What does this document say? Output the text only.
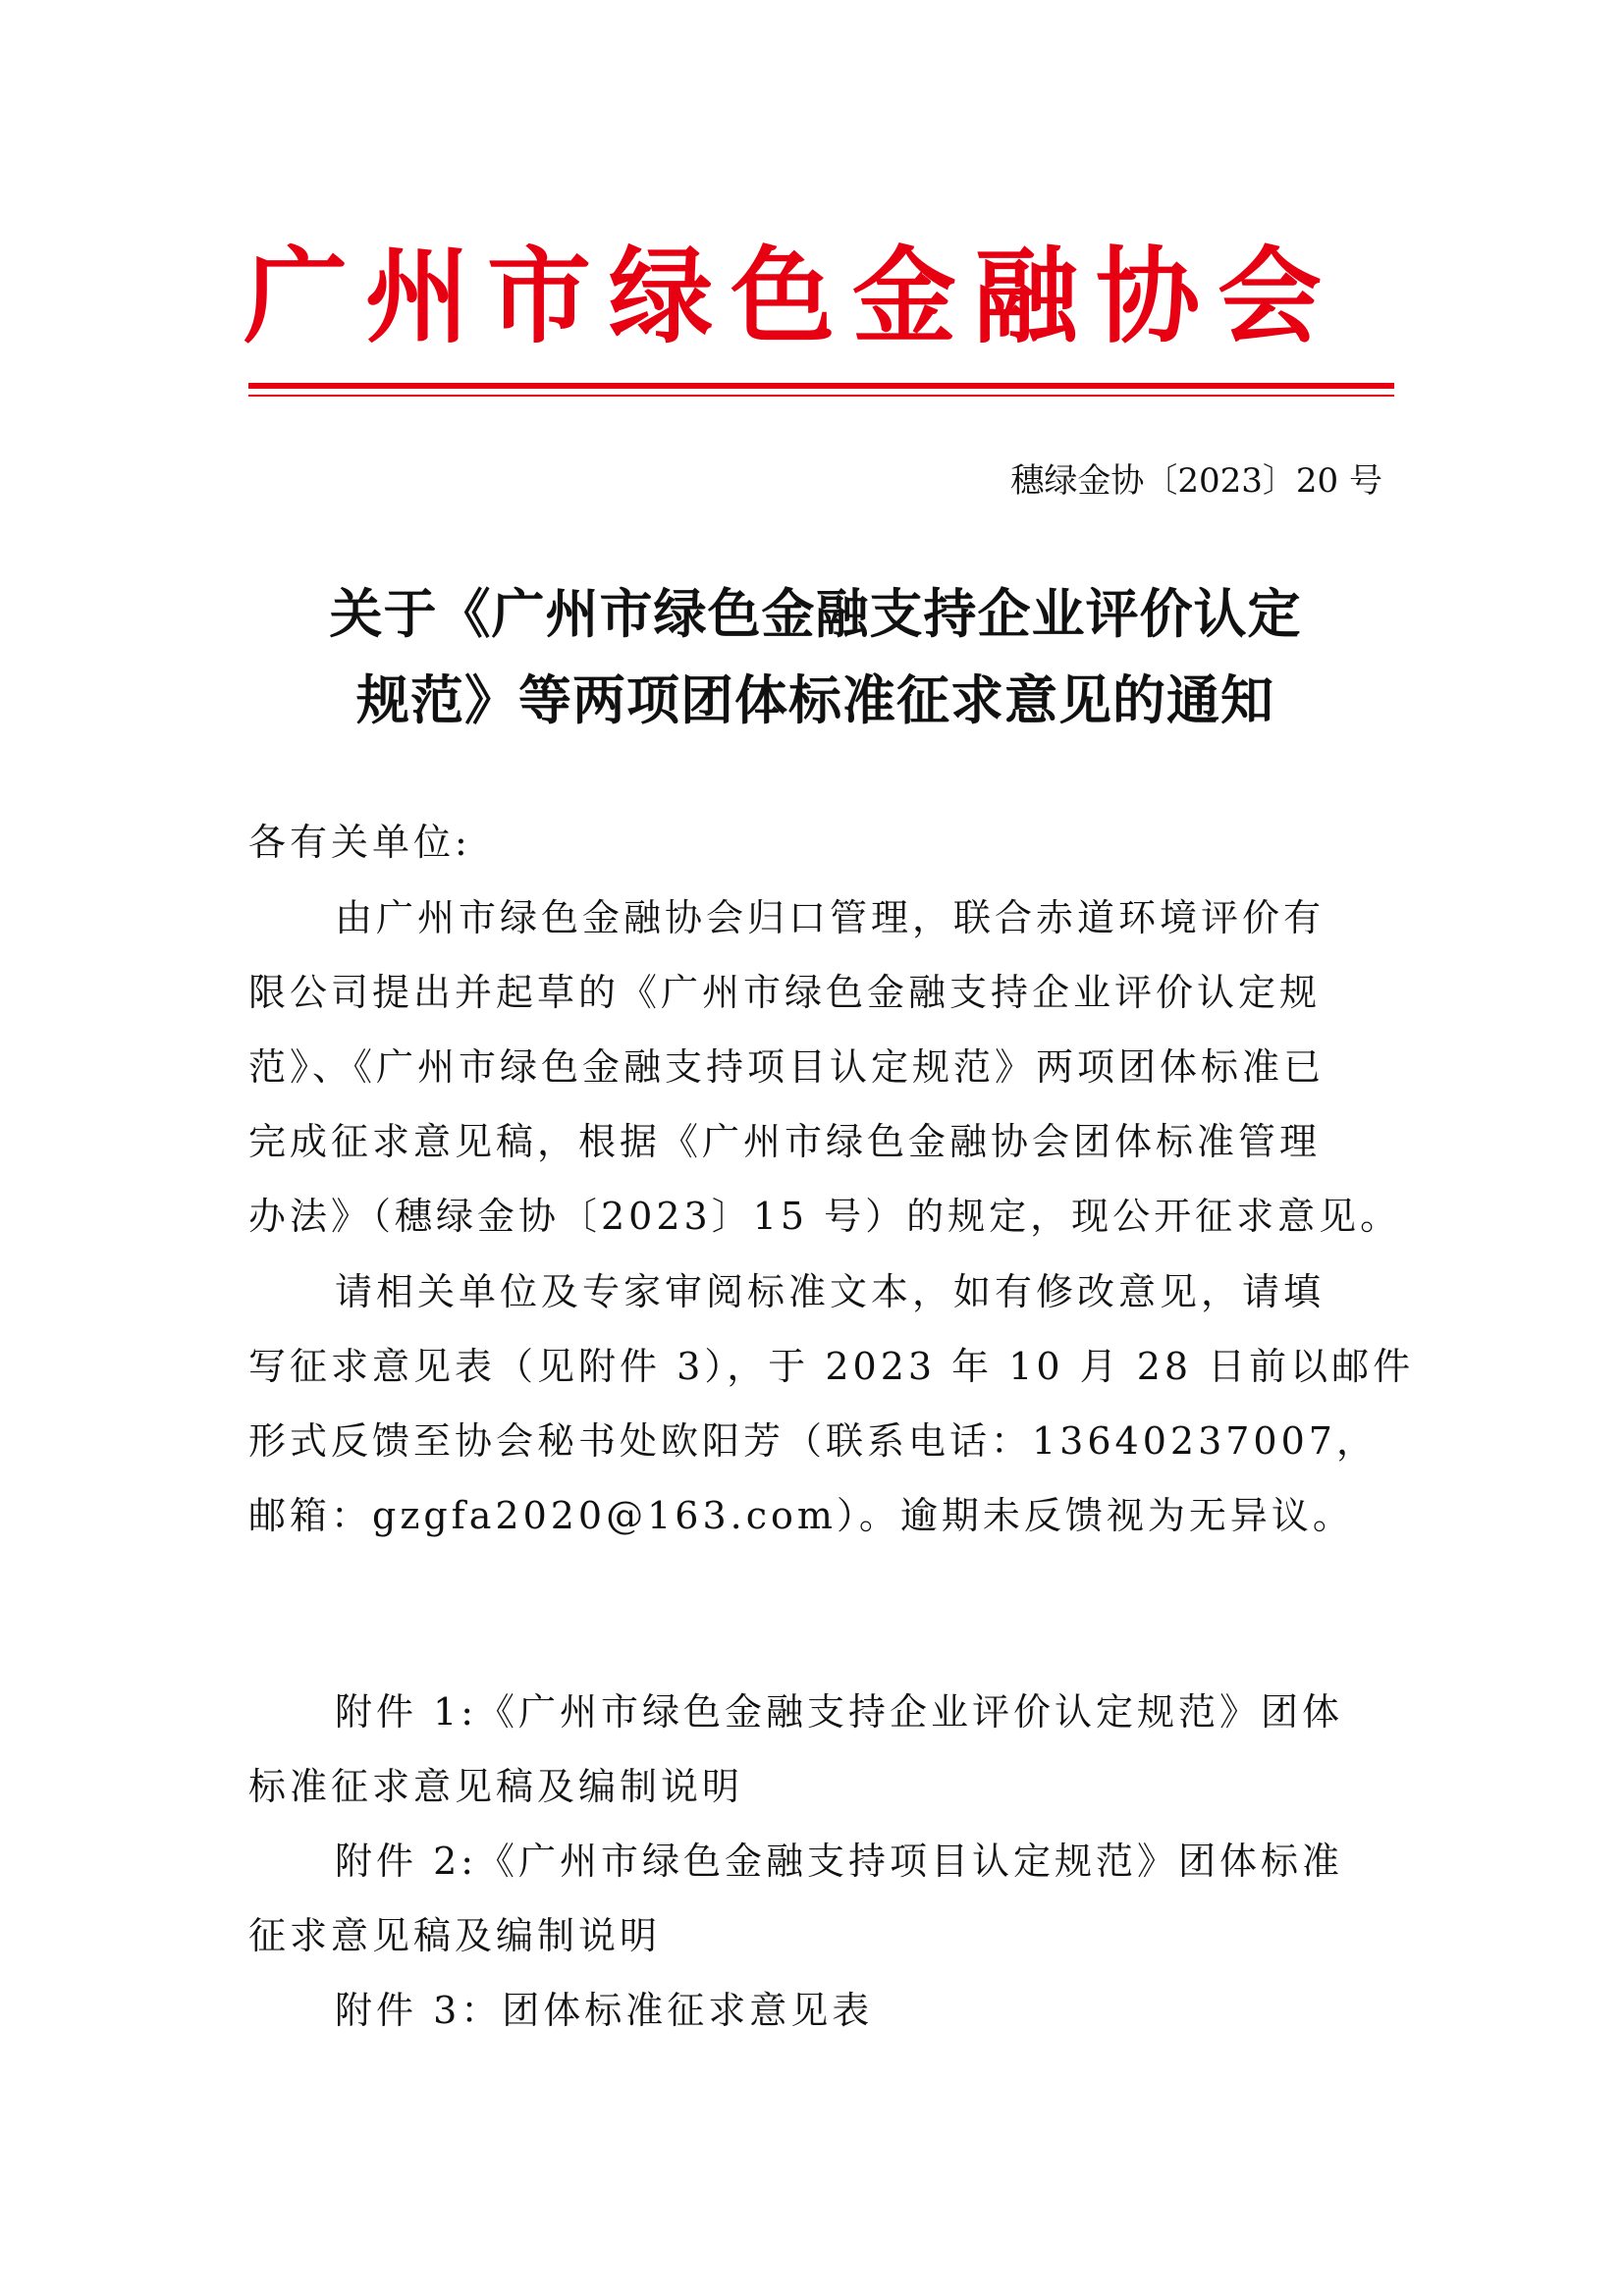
广州市绿色金融协会
穗绿金协〔2023〕20 号
关于《广州市绿色金融支持企业评价认定
规范》等两项团体标准征求意见的通知
各有关单位:
由广州市绿色金融协会归口管理，联合赤道环境评价有
限公司提出并起草的《广州市绿色金融支持企业评价认定规
范》、《广州市绿色金融支持项目认定规范》两项团体标准已
完成征求意见稿，根据《广州市绿色金融协会团体标准管理
办法》（穗绿金协〔2023〕15 号）的规定，现公开征求意见。
请相关单位及专家审阅标准文本，如有修改意见，请填
写征求意见表（见附件 3），于 2023 年 10 月 28 日前以邮件
形式反馈至协会秘书处欧阳芳（联系电话：13640237007，
邮箱：gzgfa2020@163.com）。逾期未反馈视为无异议。
附件 1:《广州市绿色金融支持企业评价认定规范》团体
标准征求意见稿及编制说明
附件 2:《广州市绿色金融支持项目认定规范》团体标准
征求意见稿及编制说明
附件 3：团体标准征求意见表
